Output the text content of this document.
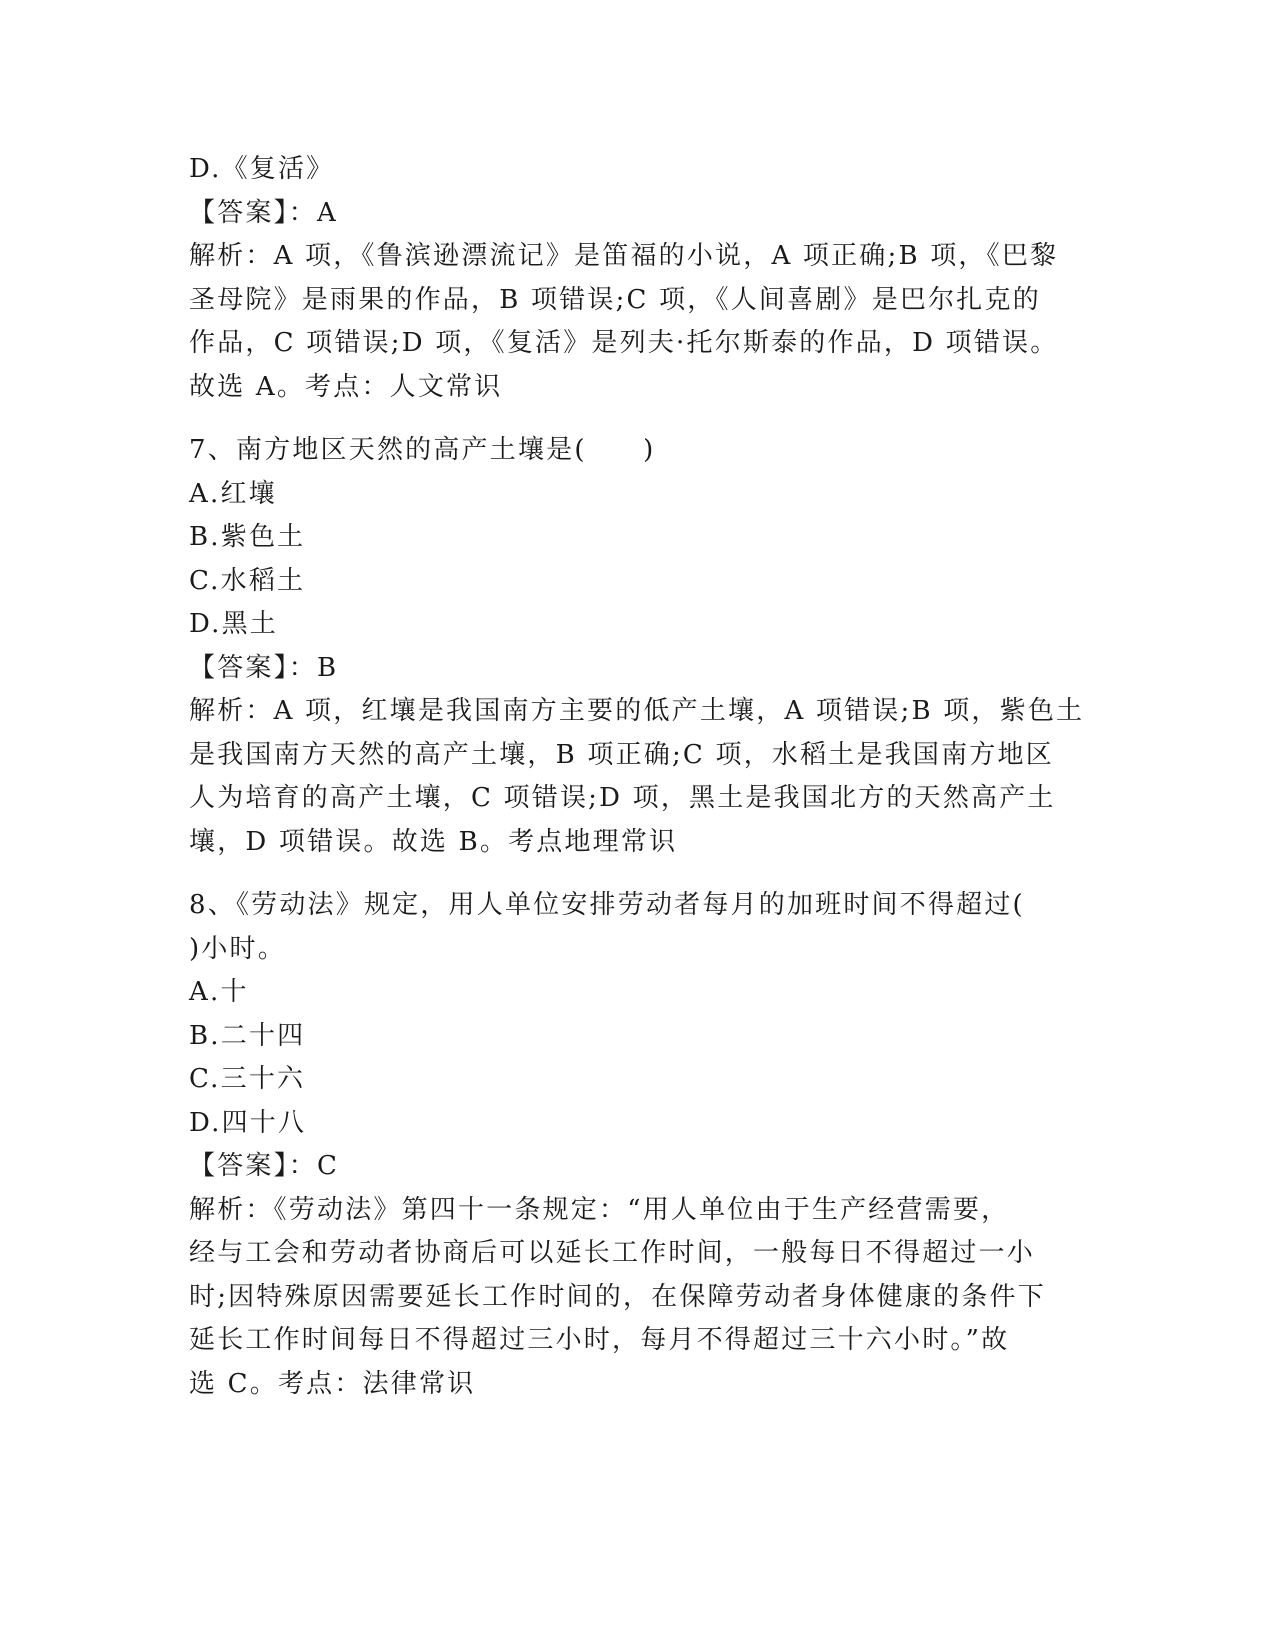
D.《复活》
【答案】：A
解析：A 项，《鲁滨逊漂流记》是笛福的小说，A 项正确;B 项，《巴黎
圣母院》是雨果的作品，B 项错误;C 项，《人间喜剧》是巴尔扎克的
作品，C 项错误;D 项，《复活》是列夫·托尔斯泰的作品，D 项错误。
故选 A。考点：人文常识
7、南方地区天然的高产土壤是(　　)
A.红壤
B.紫色土
C.水稻土
D.黑土
【答案】：B
解析：A 项，红壤是我国南方主要的低产土壤，A 项错误;B 项，紫色土
是我国南方天然的高产土壤，B 项正确;C 项，水稻土是我国南方地区
人为培育的高产土壤，C 项错误;D 项，黑土是我国北方的天然高产土
壤，D 项错误。故选 B。考点地理常识
8、《劳动法》规定，用人单位安排劳动者每月的加班时间不得超过(
)小时。
A.十
B.二十四
C.三十六
D.四十八
【答案】：C
解析：《劳动法》第四十一条规定：“用人单位由于生产经营需要，
经与工会和劳动者协商后可以延长工作时间，一般每日不得超过一小
时;因特殊原因需要延长工作时间的，在保障劳动者身体健康的条件下
延长工作时间每日不得超过三小时，每月不得超过三十六小时。”故
选 C。考点：法律常识
